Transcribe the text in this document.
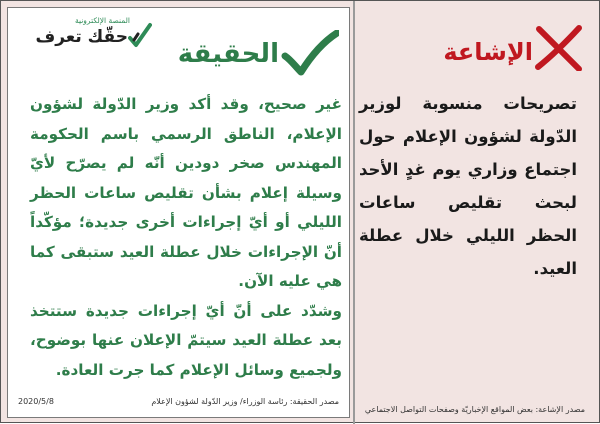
المنصة الإلكترونية
حقّك تعرف
الحقيقة

غير صحيح، وقد أكد وزير الدّولة لشؤون الإعلام، الناطق الرسمي باسم الحكومة المهندس صخر دودين أنّه لم يصرّح لأيّ وسيلة إعلام بشأن تقليص ساعات الحظر الليلي أو أيّ إجراءات أخرى جديدة؛ مؤكّداً أنّ الإجراءات خلال عطلة العيد ستبقى كما هي عليه الآن.

وشدّد على أنّ أيّ إجراءات جديدة ستتخذ بعد عطلة العيد سيتمّ الإعلان عنها بوضوح، ولجميع وسائل الإعلام كما جرت العادة.

مصدر الحقيقة: رئاسة الوزراء/ وزير الدّولة لشؤون الإعلام
2020/5/8
الإشاعة

تصريحات منسوبة لوزير الدّولة لشؤون الإعلام حول اجتماع وزاري يوم غدٍ الأحد لبحث تقليص ساعات الحظر الليلي خلال عطلة العيد.

مصدر الإشاعة: بعض المواقع الإخباريّة وصفحات التواصل الاجتماعي
